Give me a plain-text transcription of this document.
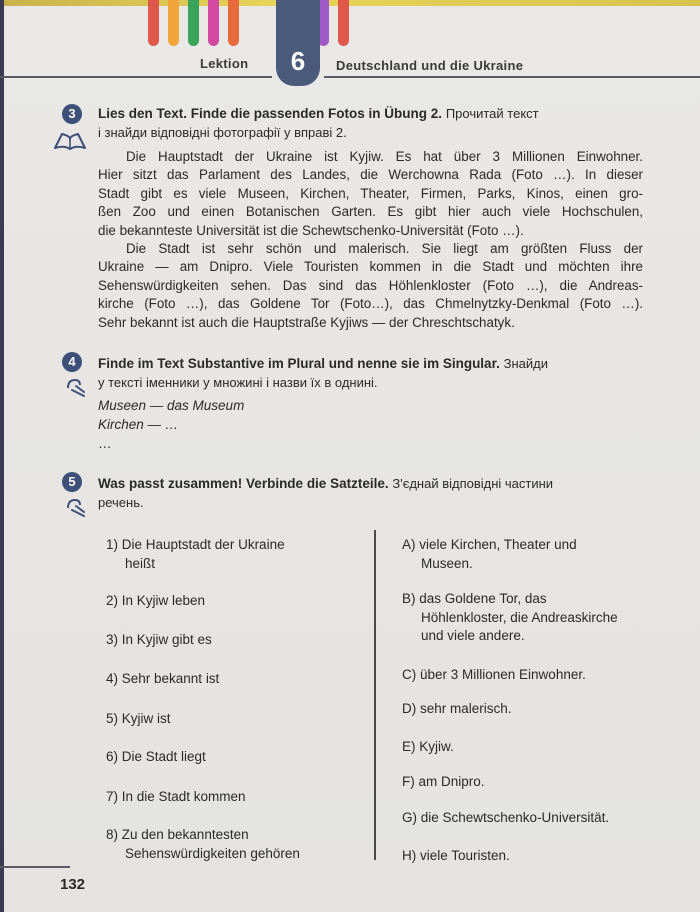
Lektion	6	Deutschland und die Ukraine
3	Lies den Text. Finde die passenden Fotos in Übung 2. Прочитай текст
і знайди відповідні фотографії у вправі 2.
Die Hauptstadt der Ukraine ist Kyjiw. Es hat über 3 Millionen Einwohner.
Hier sitzt das Parlament des Landes, die Werchowna Rada (Foto …). In dieser
Stadt gibt es viele Museen, Kirchen, Theater, Firmen, Parks, Kinos, einen gro-
ßen Zoo und einen Botanischen Garten. Es gibt hier auch viele Hochschulen,
die bekannteste Universität ist die Schewtschenko-Universität (Foto …).
Die Stadt ist sehr schön und malerisch. Sie liegt am größten Fluss der
Ukraine — am Dnipro. Viele Touristen kommen in die Stadt und möchten ihre
Sehenswürdigkeiten sehen. Das sind das Höhlenkloster (Foto …), die Andreas-
kirche (Foto …), das Goldene Tor (Foto…), das Chmelnytzky-Denkmal (Foto …).
Sehr bekannt ist auch die Hauptstraße Kyjiws — der Chreschtschatyk.
4	Finde im Text Substantive im Plural und nenne sie im Singular. Знайди
у тексті іменники у множині і назви їх в однині.
Museen — das Museum
Kirchen — …
…
5	Was passt zusammen! Verbinde die Satzteile. З'єднай відповідні частини
речень.
1) Die Hauptstadt der Ukraine
heißt
2) In Kyjiw leben
3) In Kyjiw gibt es
4) Sehr bekannt ist
5) Kyjiw ist
6) Die Stadt liegt
7) In die Stadt kommen
8) Zu den bekanntesten
Sehenswürdigkeiten gehören
A) viele Kirchen, Theater und
Museen.
B) das Goldene Tor, das
Höhlenkloster, die Andreaskirche
und viele andere.
C) über 3 Millionen Einwohner.
D) sehr malerisch.
E) Kyjiw.
F) am Dnipro.
G) die Schewtschenko-Universität.
H) viele Touristen.
132
